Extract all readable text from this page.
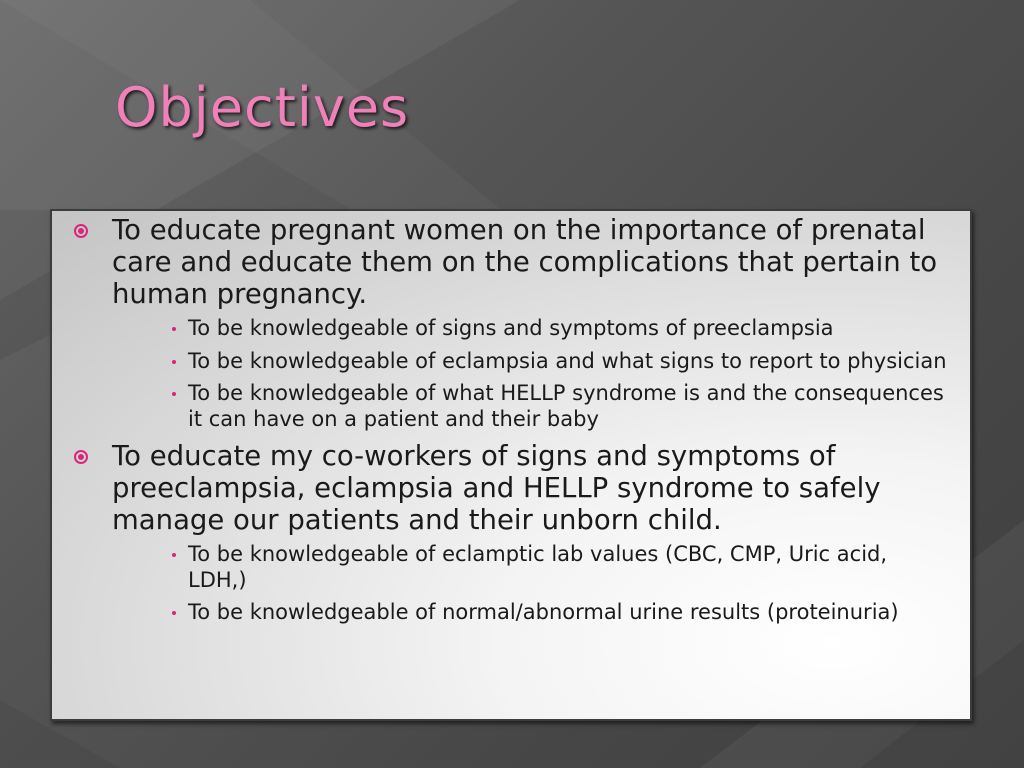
Objectives
To educate pregnant women on the importance of prenatal care and educate them on the complications that pertain to human pregnancy.
To be knowledgeable of signs and symptoms of preeclampsia
To be knowledgeable of eclampsia and what signs to report to physician
To be knowledgeable of what HELLP syndrome is and the consequences it can have on a patient and their baby
To educate my co-workers of signs and symptoms of preeclampsia, eclampsia and HELLP syndrome to safely manage our patients and their unborn child.
To be knowledgeable of eclamptic lab values (CBC, CMP, Uric acid, LDH,)
To be knowledgeable of normal/abnormal urine results (proteinuria)
